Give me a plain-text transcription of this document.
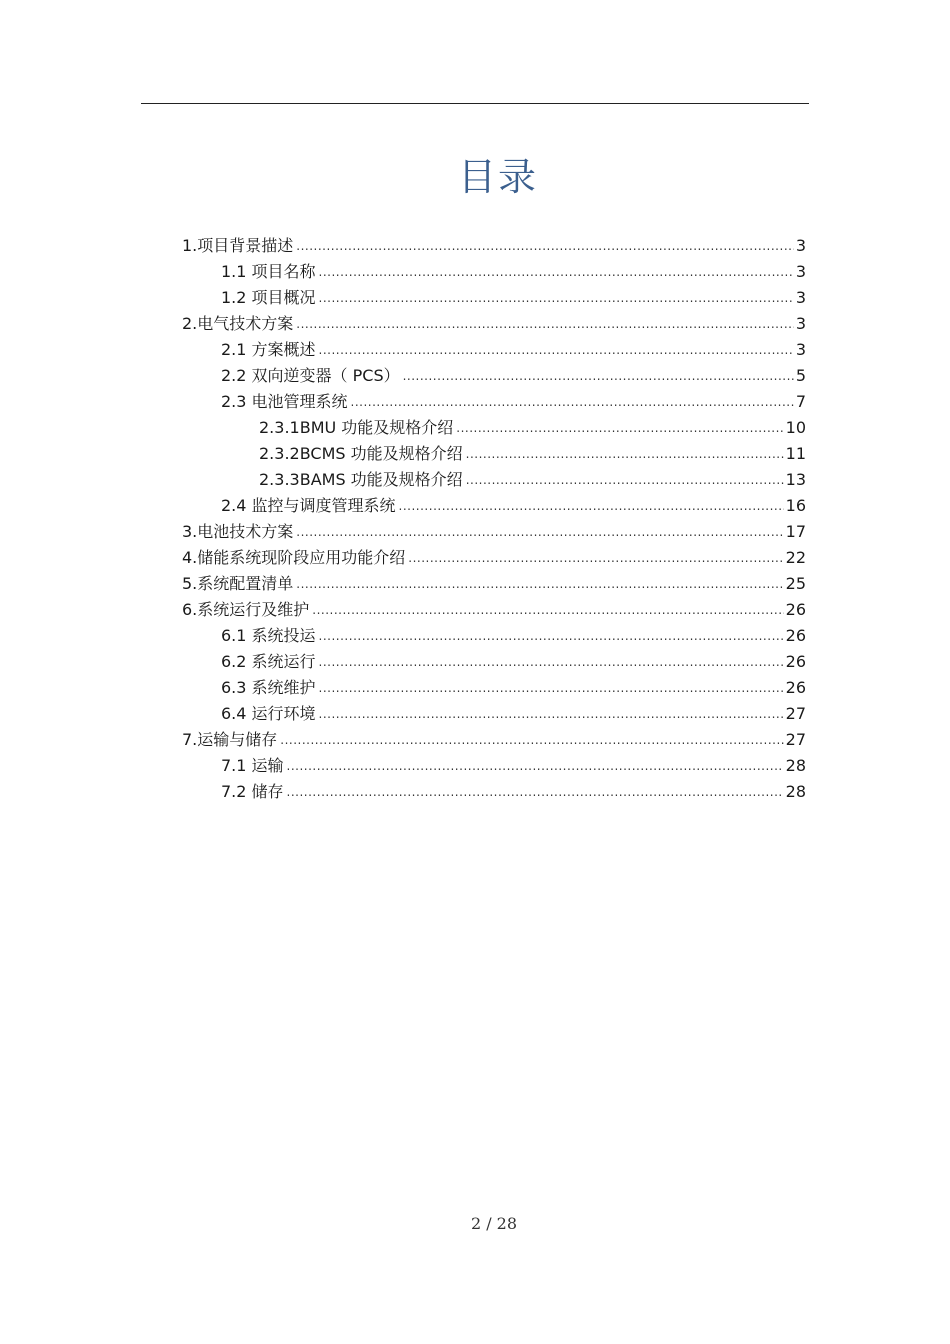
目录
1.项目背景描述 .....	3
1.1 项目名称 .....	3
1.2 项目概况 .....	3
2.电气技术方案 .....	3
2.1 方案概述 .....	3
2.2 双向逆变器（ PCS） .....	5
2.3 电池管理系统 .....	7
2.3.1BMU 功能及规格介绍 .....	10
2.3.2BCMS 功能及规格介绍 .....	11
2.3.3BAMS 功能及规格介绍 .....	13
2.4 监控与调度管理系统 .....	16
3.电池技术方案 .....	17
4.储能系统现阶段应用功能介绍 .....	22
5.系统配置清单 .....	25
6.系统运行及维护 .....	26
6.1 系统投运 .....	26
6.2 系统运行 .....	26
6.3 系统维护 .....	26
6.4 运行环境 .....	27
7.运输与储存 .....	27
7.1 运输 .....	28
7.2 储存 .....	28
2 / 28
